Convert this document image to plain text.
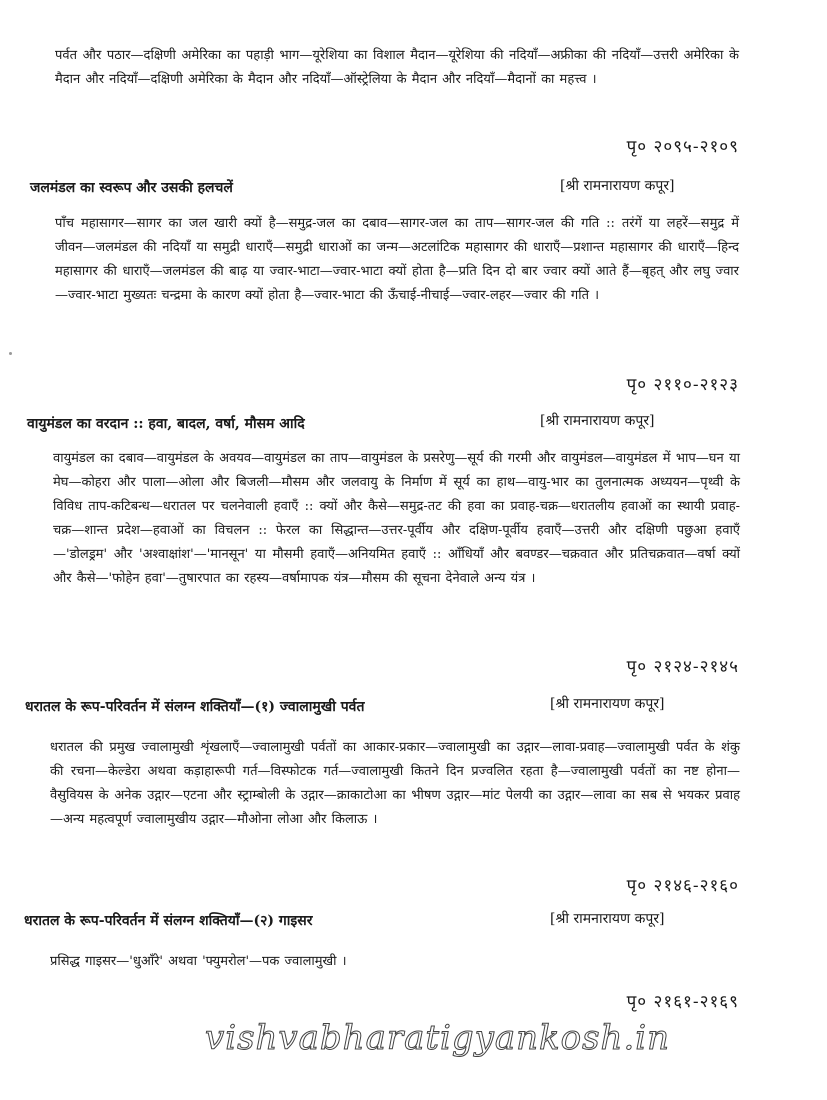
पर्वत और पठार—दक्षिणी अमेरिका का पहाड़ी भाग—यूरेशिया का विशाल मैदान—यूरेशिया की नदियाँ—अफ्रीका की नदियाँ—उत्तरी अमेरिका के मैदान और नदियाँ—दक्षिणी अमेरिका के मैदान और नदियाँ—ऑस्ट्रेलिया के मैदान और नदियाँ—मैदानों का महत्त्व ।

पृ० २०९५-२१०९
जलमंडल का स्वरूप और उसकी हलचलें	[श्री रामनारायण कपूर]

पाँच महासागर—सागर का जल खारी क्यों है—समुद्र-जल का दबाव—सागर-जल का ताप—सागर-जल की गति :: तरंगें या लहरें—समुद्र में जीवन—जलमंडल की नदियाँ या समुद्री धाराएँ—समुद्री धाराओं का जन्म—अटलांटिक महासागर की धाराएँ—प्रशान्त महासागर की धाराएँ—हिन्द महासागर की धाराएँ—जलमंडल की बाढ़ या ज्वार-भाटा—ज्वार-भाटा क्यों होता है—प्रति दिन दो बार ज्वार क्यों आते हैं—बृहत् और लघु ज्वार—ज्वार-भाटा मुख्यतः चन्द्रमा के कारण क्यों होता है—ज्वार-भाटा की ऊँचाई-नीचाई—ज्वार-लहर—ज्वार की गति ।

पृ० २११०-२१२३
वायुमंडल का वरदान :: हवा, बादल, वर्षा, मौसम आदि	[श्री रामनारायण कपूर]

वायुमंडल का दबाव—वायुमंडल के अवयव—वायुमंडल का ताप—वायुमंडल के प्रसरेणु—सूर्य की गरमी और वायुमंडल—वायुमंडल में भाप—घन या मेघ—कोहरा और पाला—ओला और बिजली—मौसम और जलवायु के निर्माण में सूर्य का हाथ—वायु-भार का तुलनात्मक अध्ययन—पृथ्वी के विविध ताप-कटिबन्ध—धरातल पर चलनेवाली हवाएँ :: क्यों और कैसे—समुद्र-तट की हवा का प्रवाह-चक्र—धरातलीय हवाओं का स्थायी प्रवाह-चक्र—शान्त प्रदेश—हवाओं का विचलन :: फेरल का सिद्धान्त—उत्तर-पूर्वीय और दक्षिण-पूर्वीय हवाएँ—उत्तरी और दक्षिणी पछुआ हवाएँ—'डोलड्रम' और 'अश्वाक्षांश'—'मानसून' या मौसमी हवाएँ—अनियमित हवाएँ :: आँधियाँ और बवण्डर—चक्रवात और प्रतिचक्रवात—वर्षा क्यों और कैसे—'फोहेन हवा'—तुषारपात का रहस्य—वर्षामापक यंत्र—मौसम की सूचना देनेवाले अन्य यंत्र ।

पृ० २१२४-२१४५
धरातल के रूप-परिवर्तन में संलग्न शक्तियाँ—(१) ज्वालामुखी पर्वत	[श्री रामनारायण कपूर]

धरातल की प्रमुख ज्वालामुखी शृंखलाएँ—ज्वालामुखी पर्वतों का आकार-प्रकार—ज्वालामुखी का उद्गार—लावा-प्रवाह—ज्वालामुखी पर्वत के शंकु की रचना—केल्डेरा अथवा कड़ाहारूपी गर्त—विस्फोटक गर्त—ज्वालामुखी कितने दिन प्रज्वलित रहता है—ज्वालामुखी पर्वतों का नष्ट होना—वैसुवियस के अनेक उद्गार—एटना और स्ट्राम्बोली के उद्गार—क्राकाटोआ का भीषण उद्गार—मांट पेलयी का उद्गार—लावा का सब से भयकर प्रवाह—अन्य महत्वपूर्ण ज्वालामुखीय उद्गार—मौओना लोआ और किलाऊ ।

पृ० २१४६-२१६०
धरातल के रूप-परिवर्तन में संलग्न शक्तियाँ—(२) गाइसर	[श्री रामनारायण कपूर]

प्रसिद्ध गाइसर—'धुआँरे' अथवा 'फ्युमरोल'—पक ज्वालामुखी ।

पृ० २१६१-२१६९
vishvabharatigyankosh.in
